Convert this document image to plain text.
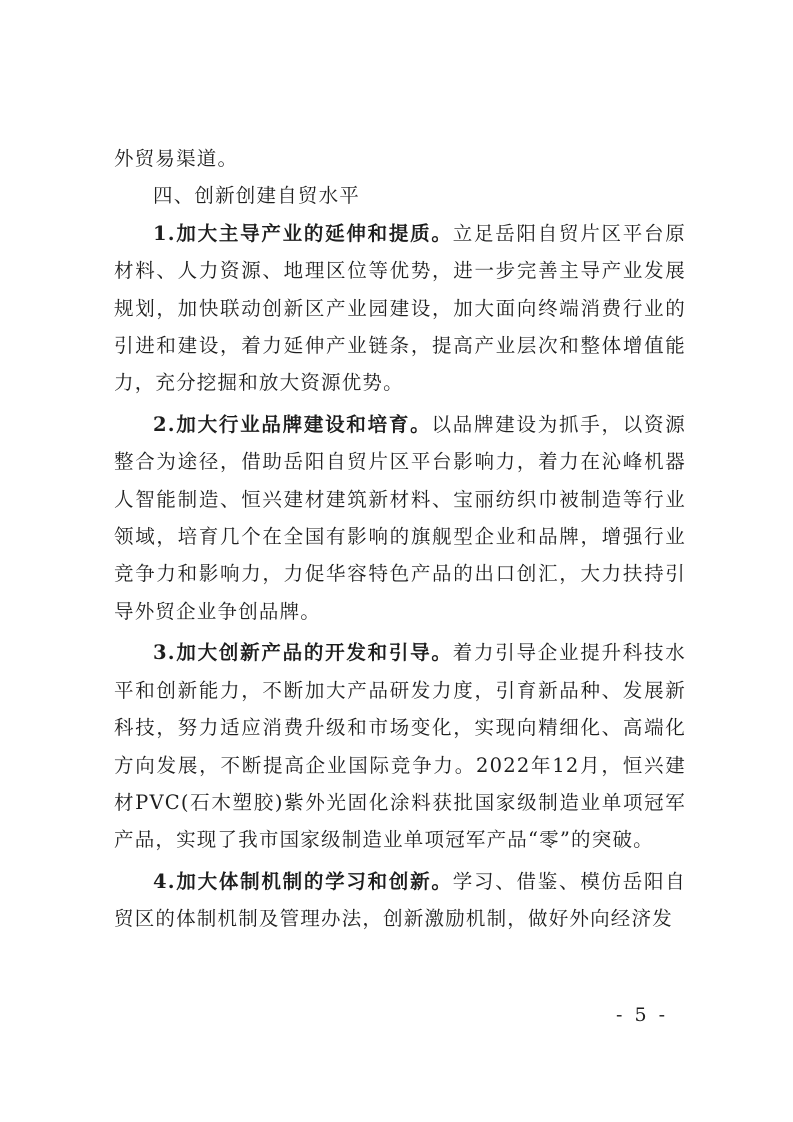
外贸易渠道。

四、创新创建自贸水平

1.加大主导产业的延伸和提质。立足岳阳自贸片区平台原材料、人力资源、地理区位等优势，进一步完善主导产业发展规划，加快联动创新区产业园建设，加大面向终端消费行业的引进和建设，着力延伸产业链条，提高产业层次和整体增值能力，充分挖掘和放大资源优势。

2.加大行业品牌建设和培育。以品牌建设为抓手，以资源整合为途径，借助岳阳自贸片区平台影响力，着力在沁峰机器人智能制造、恒兴建材建筑新材料、宝丽纺织巾被制造等行业领域，培育几个在全国有影响的旗舰型企业和品牌，增强行业竞争力和影响力，力促华容特色产品的出口创汇，大力扶持引导外贸企业争创品牌。

3.加大创新产品的开发和引导。着力引导企业提升科技水平和创新能力，不断加大产品研发力度，引育新品种、发展新科技，努力适应消费升级和市场变化，实现向精细化、高端化方向发展，不断提高企业国际竞争力。2022年12月，恒兴建材PVC(石木塑胶)紫外光固化涂料获批国家级制造业单项冠军产品，实现了我市国家级制造业单项冠军产品“零”的突破。

4.加大体制机制的学习和创新。学习、借鉴、模仿岳阳自贸区的体制机制及管理办法，创新激励机制，做好外向经济发

- 5 -
